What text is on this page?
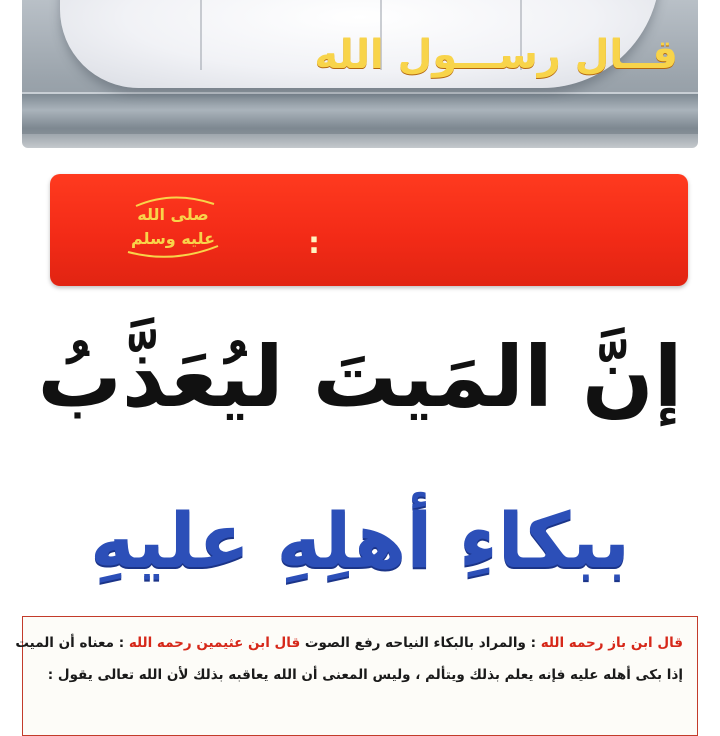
قــال رســـول الله
صلى الله
عليه وسلم	:
إنَّ المَيتَ ليُعَذَّبُ
ببكاءِ أهلِهِ عليهِ
قال ابن باز رحمه الله : والمراد بالبكاء النياحه رفع الصوت قال ابن عثيمين رحمه الله : معناه أن الميت
إذا بكى أهله عليه فإنه يعلم بذلك ويتألم ، وليس المعنى أن الله يعاقبه بذلك لأن الله تعالى يقول :
